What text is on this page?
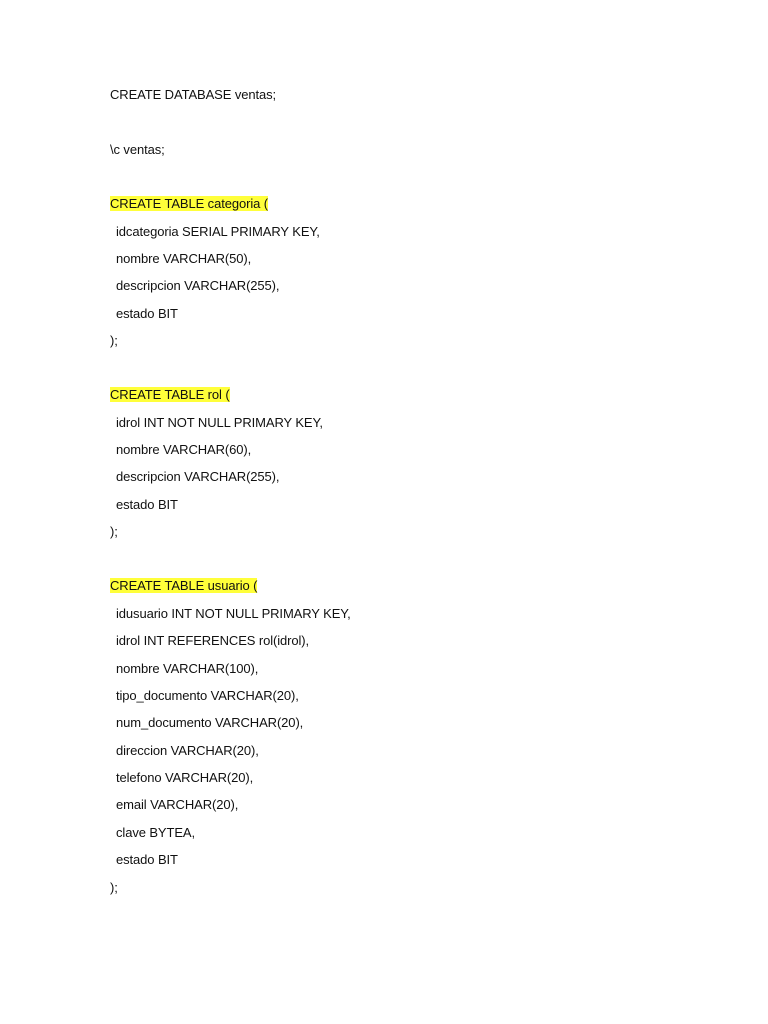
CREATE DATABASE ventas;
\c ventas;
CREATE TABLE categoria (
idcategoria SERIAL PRIMARY KEY,
nombre VARCHAR(50),
descripcion VARCHAR(255),
estado BIT
);
CREATE TABLE rol (
idrol INT NOT NULL PRIMARY KEY,
nombre VARCHAR(60),
descripcion VARCHAR(255),
estado BIT
);
CREATE TABLE usuario (
idusuario INT NOT NULL PRIMARY KEY,
idrol INT REFERENCES rol(idrol),
nombre VARCHAR(100),
tipo_documento VARCHAR(20),
num_documento VARCHAR(20),
direccion VARCHAR(20),
telefono VARCHAR(20),
email VARCHAR(20),
clave BYTEA,
estado BIT
);
